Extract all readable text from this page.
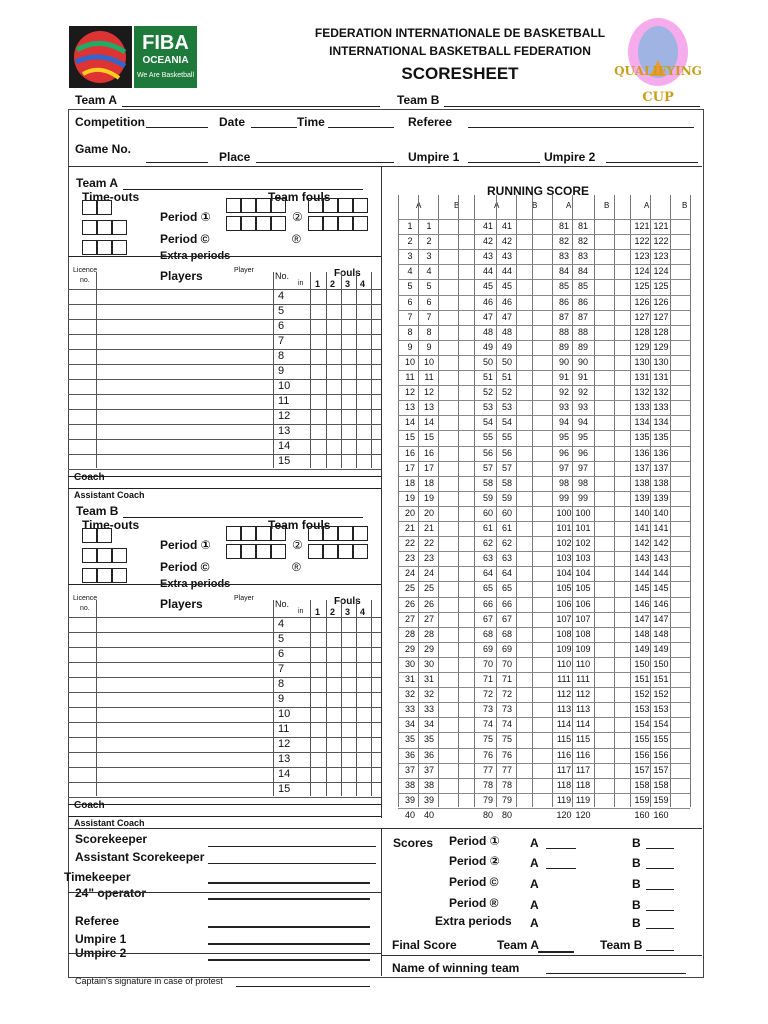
FIBA
OCEANIA
We Are Basketball
FEDERATION INTERNATIONALE DE BASKETBALL
INTERNATIONAL BASKETBALL FEDERATION
SCORESHEET	QUALIFYING
CUP
Team A	Team B
Competition	Date	Time	Referee
Game No.
Place	Umpire 1	Umpire 2
Team A
Time-outs	Team fouls
Period ①
Period ©
②
®
Extra periods
Licence
no.	Players	Player
No.
in
Fouls
1 2 3 4
4
5
6
7
8
9
10
11
12
13
14
15
Coach
Assistant Coach
Team B
Time-outs	Team fouls
Period ①
Period ©
②
®
Extra periods
Licence
no.	Players	Player
No.
in
Fouls
1 2 3 4
4
5
6
7
8
9
10
11
12
13
14
15
Coach
Assistant Coach
RUNNING SCORE
A	B	A	B	A	B	A	B
1	1	41 41	81 81	121 121
2	2	42 42	82 82	122 122
3	3	43 43	83 83	123 123
4	4	44 44	84 84	124 124
5	5	45 45	85 85	125 125
6	6	46 46	86 86	126 126
7	7	47 47	87 87	127 127
8	8	48 48	88 88	128 128
9	9	49 49	89 89	129 129
10 10	50 50	90 90	130 130
11	11	51 51	91 91	131 131
12 12	52 52	92 92	132 132
13 13	53 53	93 93	133 133
14 14	54 54	94 94	134 134
15 15	55 55	95 95	135 135
16 16	56 56	96 96	136 136
17 17	57 57	97 97	137 137
18 18	58 58	98 98	138 138
19 19	59 59	99 99	139 139
20 20	60 60	100 100	140 140
21 21	61 61	101 101	141 141
22 22	62 62	102 102	142 142
23 23	63 63	103 103	143 143
24 24	64 64	104 104	144 144
25 25	65 65	105 105	145 145
26 26	66 66	106 106	146 146
27 27	67 67	107 107	147 147
28 28	68 68	108 108	148 148
29 29	69 69	109 109	149 149
30 30	70 70	110 110	150 150
31 31	71 71	111 111	151 151
32 32	72 72	112 112	152 152
33 33	73 73	113 113	153 153
34 34	74 74	114 114	154 154
35 35	75 75	115 115	155 155
36 36	76 76	116 116	156 156
37 37	77 77	117 117	157 157
38 38	78 78	118 118	158 158
39 39	79 79	119 119	159 159
40 40	80 80	120 120	160 160
Scorekeeper
Assistant Scorekeeper
Timekeeper
24" operator
Referee
Umpire 1
Umpire 2
Captain's signature in case of protest
Scores Period ①	A	B
Period ②	A	B
Period ©	A	B
Period ®	A	B
Extra periods A	B
Final Score	Team A	Team B
Name of winning team
